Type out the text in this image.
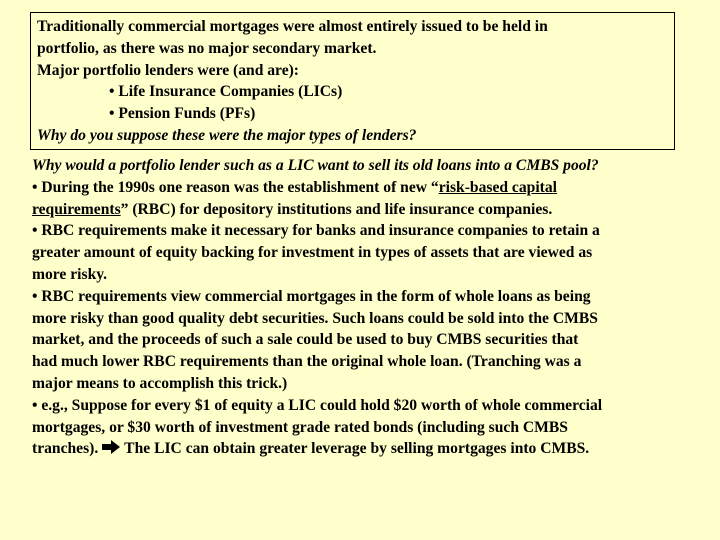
Traditionally commercial mortgages were almost entirely issued to be held in
portfolio, as there was no major secondary market.
Major portfolio lenders were (and are):
• Life Insurance Companies (LICs)
• Pension Funds (PFs)
Why do you suppose these were the major types of lenders?
Why would a portfolio lender such as a LIC want to sell its old loans into a CMBS pool?
• During the 1990s one reason was the establishment of new “risk-based capital
requirements” (RBC) for depository institutions and life insurance companies.
• RBC requirements make it necessary for banks and insurance companies to retain a
greater amount of equity backing for investment in types of assets that are viewed as
more risky.
• RBC requirements view commercial mortgages in the form of whole loans as being
more risky than good quality debt securities. Such loans could be sold into the CMBS
market, and the proceeds of such a sale could be used to buy CMBS securities that
had much lower RBC requirements than the original whole loan. (Tranching was a
major means to accomplish this trick.)
• e.g., Suppose for every $1 of equity a LIC could hold $20 worth of whole commercial
mortgages, or $30 worth of investment grade rated bonds (including such CMBS
tranches). The LIC can obtain greater leverage by selling mortgages into CMBS.
